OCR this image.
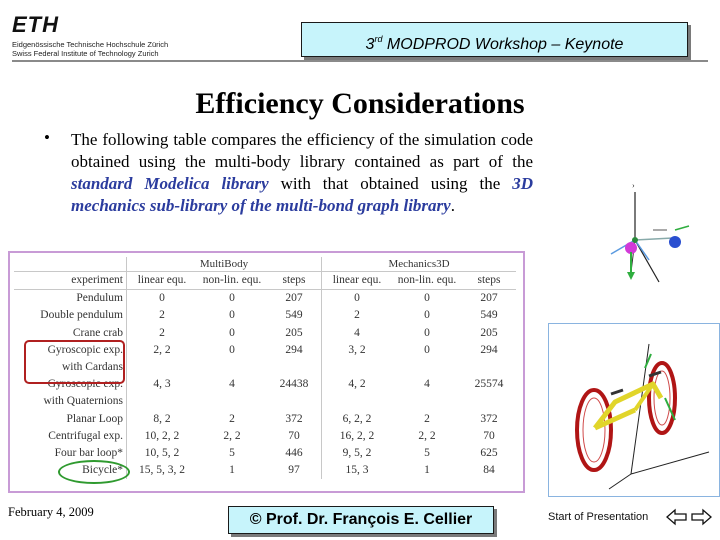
ETH
Eidgenössische Technische Hochschule Zürich
Swiss Federal Institute of Technology Zurich
3rd MODPROD Workshop – Keynote
Efficiency Considerations
• The following table compares the efficiency of the simulation code obtained using the multi-body library contained as part of the standard Modelica library with that obtained using the 3D mechanics sub-library of the multi-bond graph library.
	MultiBody			Mechanics3D		
experiment	linear equ.	non-lin. equ.	steps	linear equ.	non-lin. equ.	steps
Pendulum	0	0	207	0	0	207
Double pendulum	2	0	549	2	0	549
Crane crab	2	0	205	4	0	205
Gyroscopic exp.	2, 2	0	294	3, 2	0	294
with Cardans						
Gyroscopic exp.	4, 3	4	24438	4, 2	4	25574
with Quaternions						
Planar Loop	8, 2	2	372	6, 2, 2	2	372
Centrifugal exp.	10, 2, 2	2, 2	70	16, 2, 2	2, 2	70
Four bar loop*	10, 5, 2	5	446	9, 5, 2	5	625
Bicycle*	15, 5, 3, 2	1	97	15, 3	1	84
›
February 4, 2009	© Prof. Dr. François E. Cellier	Start of Presentation
